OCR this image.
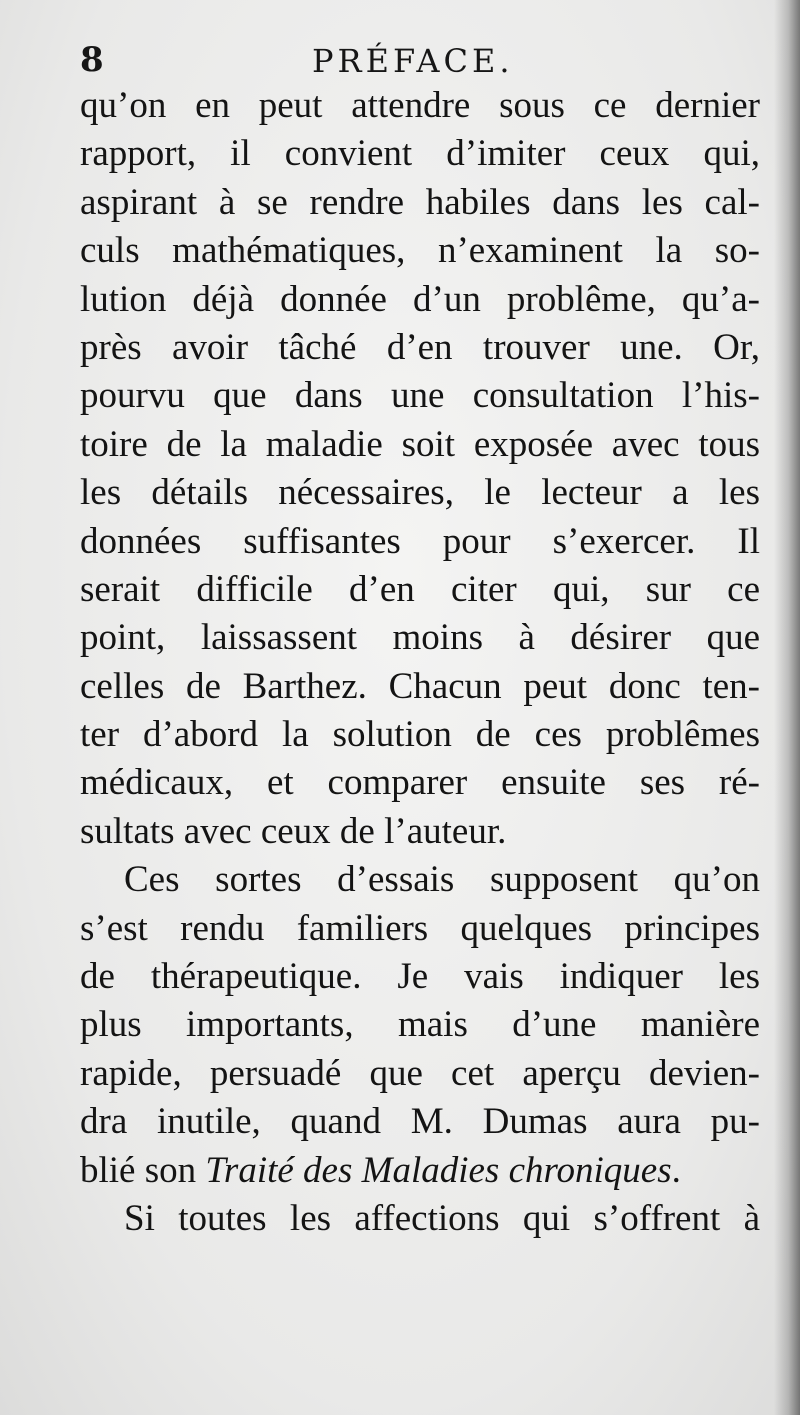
8	PRÉFACE.
qu’on en peut attendre sous ce dernier
rapport, il convient d’imiter ceux qui,
aspirant à se rendre habiles dans les cal-
culs mathématiques, n’examinent la so-
lution déjà donnée d’un problême, qu’a-
près avoir tâché d’en trouver une. Or,
pourvu que dans une consultation l’his-
toire de la maladie soit exposée avec tous
les détails nécessaires, le lecteur a les
données suffisantes pour s’exercer. Il
serait difficile d’en citer qui, sur ce
point, laissassent moins à désirer que
celles de Barthez. Chacun peut donc ten-
ter d’abord la solution de ces problêmes
médicaux, et comparer ensuite ses ré-
sultats avec ceux de l’auteur.
Ces sortes d’essais supposent qu’on
s’est rendu familiers quelques principes
de thérapeutique. Je vais indiquer les
plus importants, mais d’une manière
rapide, persuadé que cet aperçu devien-
dra inutile, quand M. Dumas aura pu-
blié son Traité des Maladies chroniques.
Si toutes les affections qui s’offrent à
